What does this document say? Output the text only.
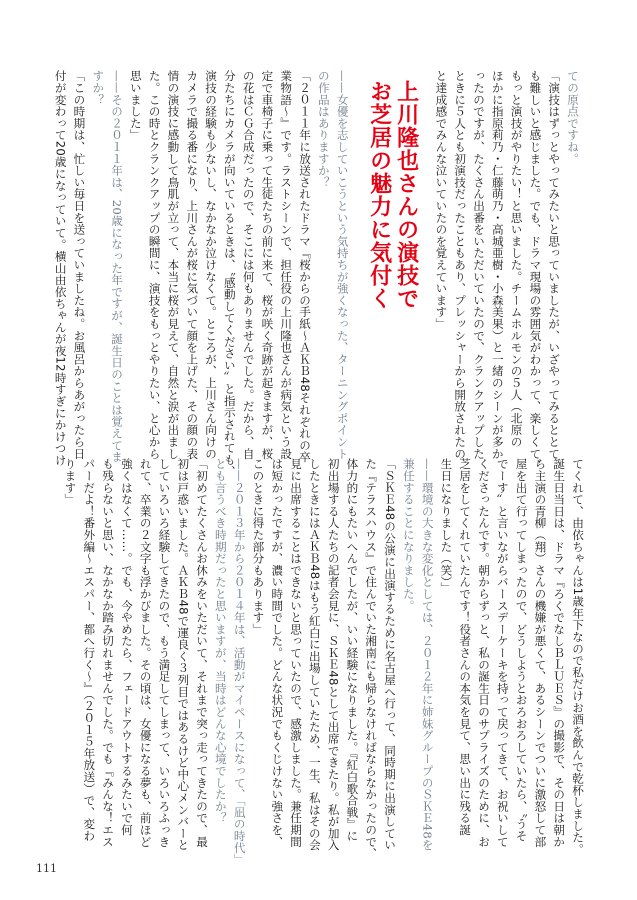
ての原点ですね。
「演技はずっとやってみたいと思っていましたが、いざやってみるととて
も難しいと感じました。でも、ドラマ現場の雰囲気がわかって、楽しくて、
もっと演技がやりたい！と思いました。チームホルモンの５人（北原の
ほかに指原莉乃・仁藤萌乃・高城亜樹・小森美果）と一緒のシーンが多か
ったのですが、たくさん出番をいただいていたので、クランクアップした
ときに５人とも初演技だったこともあり、プレッシャーから開放されたの
と達成感でみんな泣いていたのを覚えています」
上川隆也さんの演技で
お芝居の魅力に気付く
——女優を志していこうという気持ちが強くなった、ターニングポイント
の作品はありますか？
「２０１１年に放送されたドラマ『桜からの手紙～ＡＫＢ48それぞれの卒
業物語～』です。ラストシーンで、担任役の上川隆也さんが病気という設
定で車椅子に乗って生徒たちの前に来て、桜が咲く奇跡が起きますが、桜
の花はＣＧ合成だったので、そこには何もありませんでした。だから、自
分たちにカメラが向いているときは、〝感動してください〟と指示されても、
演技の経験も少ないし、なかなか泣けなくて。ところが、上川さん向けの
カメラで撮る番になり、上川さんが桜に気づいて顔を上げた、その顔の表
情の演技に感動して鳥肌が立って、本当に桜が見えて、自然と涙が出まし
た。この時とクランクアップの瞬間に、演技をもっとやりたい、と心から
思いました」
——その２０１１年は、20歳になった年ですが、誕生日のことは覚えてま
すか？
「この時期は、忙しい毎日を送っていましたね。お風呂からあがったら日
付が変わって20歳になっていて。横山由依ちゃんが夜12時すぎにかけつけ
てくれて、由依ちゃんは1歳年下なので私だけお酒を飲んで乾杯しました。
誕生日当日は、ドラマ『ろくでなしＢＬＵＥＳ』の撮影で、その日は朝か
ら主演の青柳（翔）さんの機嫌が悪くて、あるシーンでついに激怒して部
屋を出て行ってしまったので、どうしようとおろおろしていたら、〝うそ
でーす〟と言いながらバースデーケーキを持って戻ってきて、お祝いして
くださったんです。朝からずっと、私の誕生日のサプライズのために、お
芝居をしてくれていたんです！役者さんの本気を見て、思い出に残る誕
生日になりました（笑）」
——環境の大きな変化としては、２０１２年に姉妹グループのＳＫＥ48を
兼任することになりました。
「ＳＫＥ48の公演に出演するために名古屋へ行って、同時期に出演してい
た『テラスハウス』で住んでいた湘南にも帰らなければならなかったので、
体力的にもたいへんでしたが、いい経験になりました。『紅白歌合戦』に
初出場する人たちの記者会見に、ＳＫＥ48として出席できたり。私が加入
したときにはＡＫＢ48はもう紅白に出場していたため、一生、私はその会
見に出席することはできないと思っていたので、感激しました。兼任期間
は短かったですが、濃い時間でした。どんな状況でもくじけない強さを、
このときに得た部分もあります」
——２０１３年から２０１４年は、活動がマイペースになって、「凪の時代」
とも言うべき時期だったと思いますが、当時はどんな心境でしたか？
「初めてたくさんお休みをいただいて、それまで突っ走ってきたので、最
初は戸惑いました。ＡＫＢ48で運良く３列目ではあるけど中心メンバーと
していろいろ経験してきたので、もう満足してしまって、いろいろふっき
れて、卒業の２文字も浮かびました。その頃は、女優になる夢も、前ほど
強くはなくて……。でも、今やめたら、フェードアウトするみたいで何
も残らないと思い、なかなか踏み切れませんでした。でも『みんな！エス
パーだよ！番外編～エスパー、都へ行く～』（２０１５年放送）で、変わ
ります」
111
